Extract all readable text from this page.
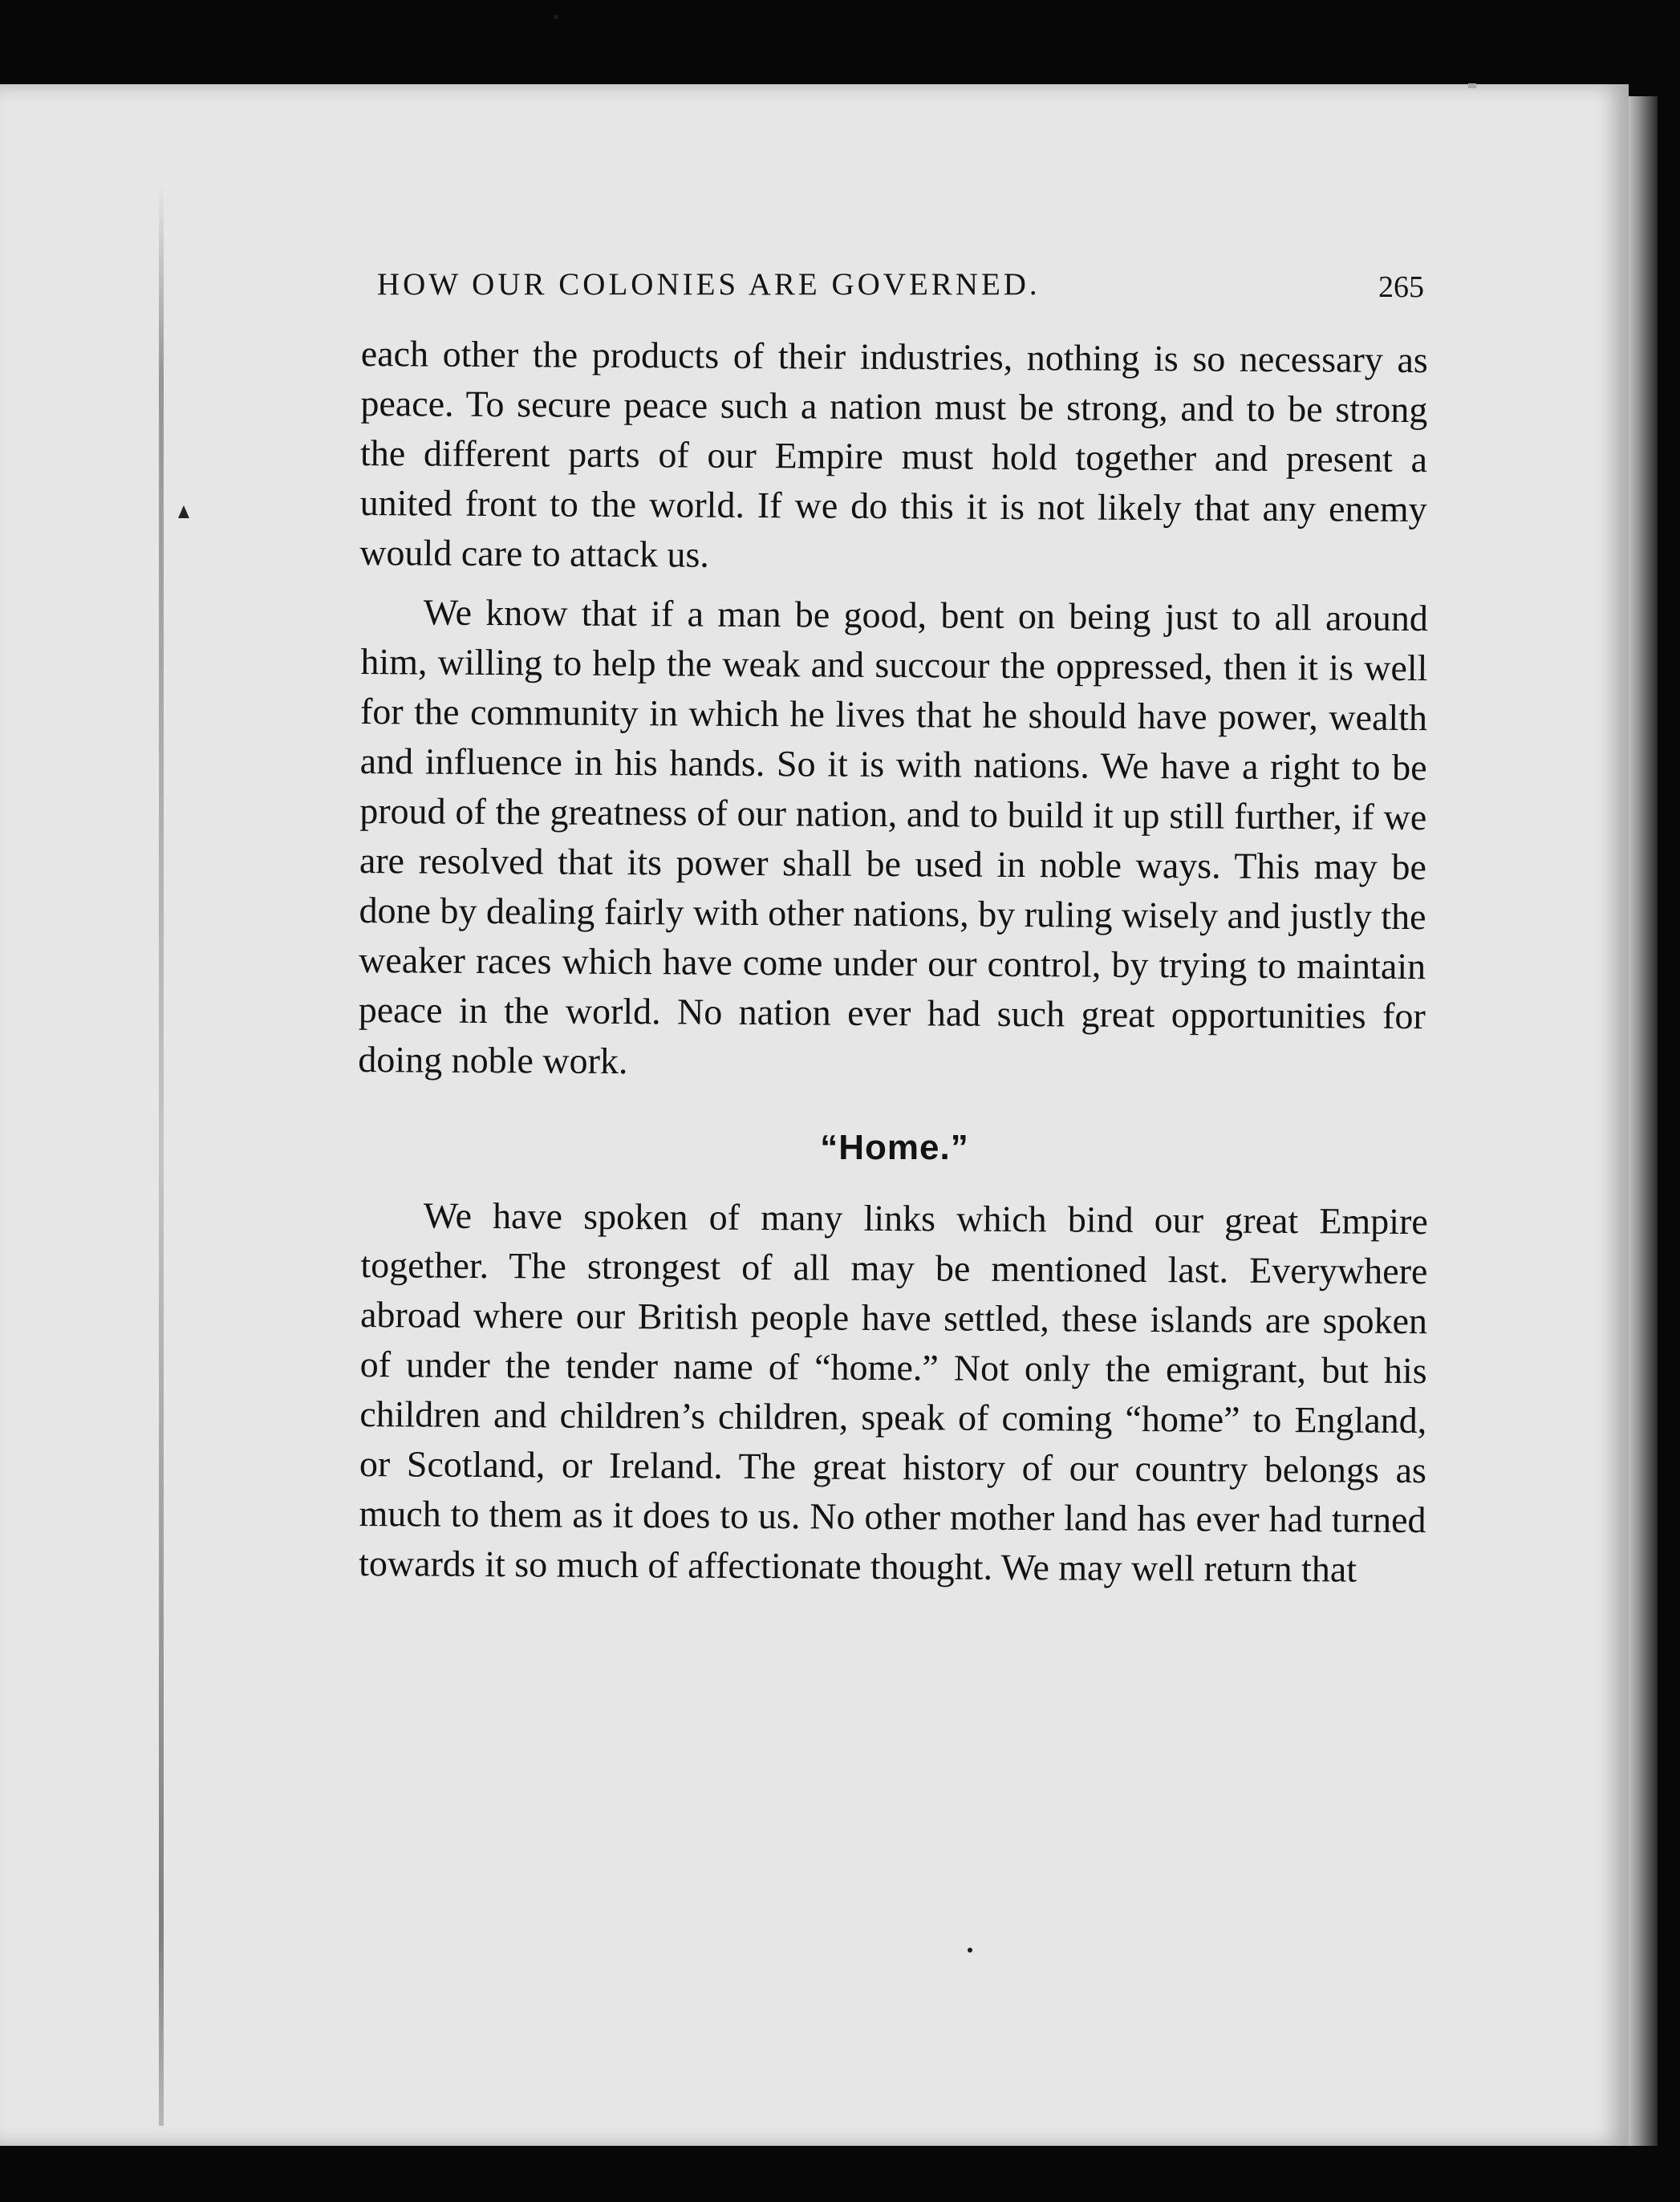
HOW OUR COLONIES ARE GOVERNED.	265

each other the products of their industries, nothing is so necessary as peace. To secure peace such a nation must be strong, and to be strong the different parts of our Empire must hold together and present a united front to the world. If we do this it is not likely that any enemy would care to attack us.

We know that if a man be good, bent on being just to all around him, willing to help the weak and succour the oppressed, then it is well for the community in which he lives that he should have power, wealth and influence in his hands. So it is with nations. We have a right to be proud of the greatness of our nation, and to build it up still further, if we are resolved that its power shall be used in noble ways. This may be done by dealing fairly with other nations, by ruling wisely and justly the weaker races which have come under our control, by trying to maintain peace in the world. No nation ever had such great opportunities for doing noble work.

“Home.”

We have spoken of many links which bind our great Empire together. The strongest of all may be mentioned last. Everywhere abroad where our British people have settled, these islands are spoken of under the tender name of “home.” Not only the emigrant, but his children and children’s children, speak of coming “home” to England, or Scotland, or Ireland. The great history of our country belongs as much to them as it does to us. No other mother land has ever had turned towards it so much of affectionate thought. We may well return that
